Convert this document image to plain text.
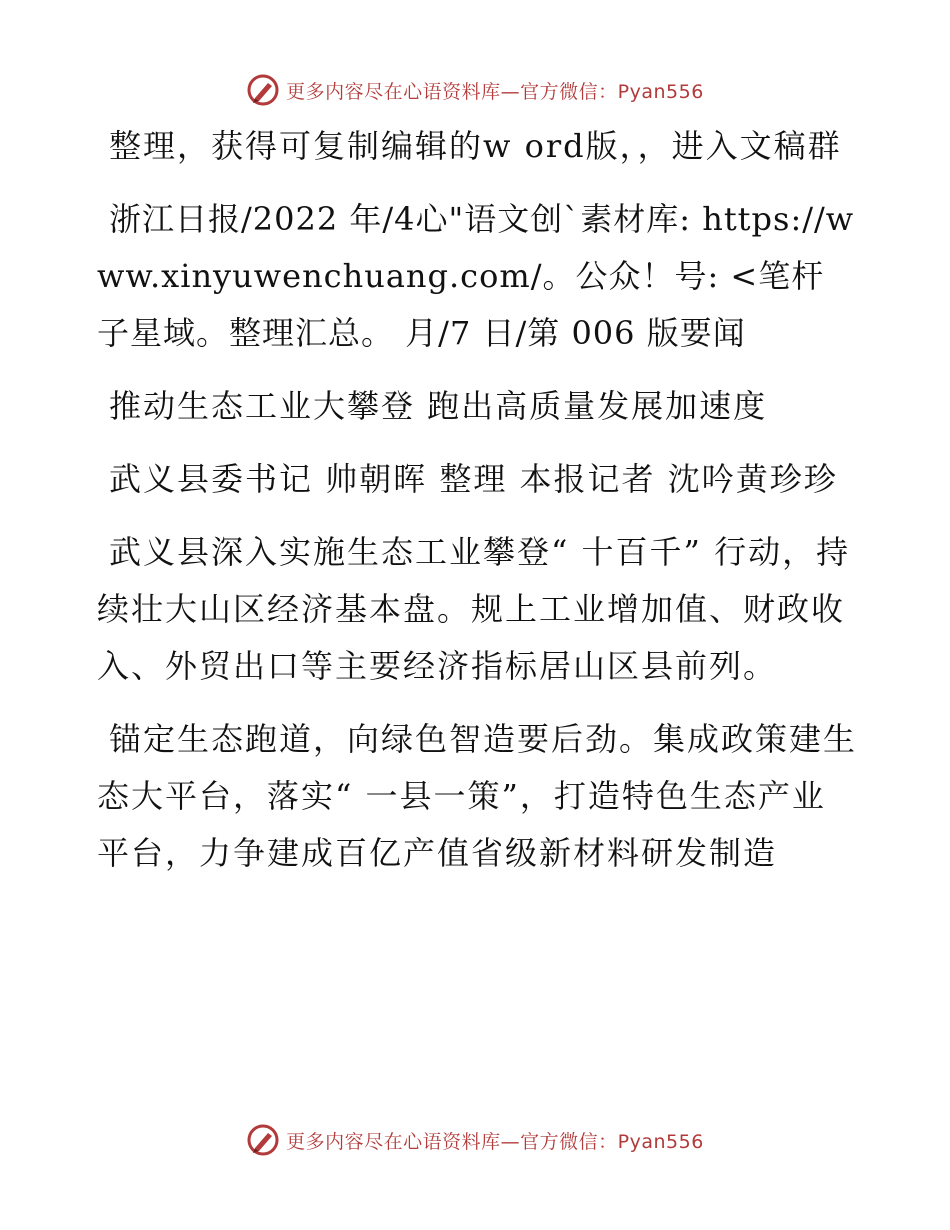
更多内容尽在心语资料库—官方微信：Pyan556

整理，获得可复制编辑的w ord版，，进入文稿群

浙江日报/2022 年/4心"语文创`素材库: https://www.xinyuwenchuang.com/。公众！号: <笔杆子星域。整理汇总。 月/7 日/第 006 版要闻

推动生态工业大攀登 跑出高质量发展加速度

武义县委书记 帅朝晖 整理 本报记者 沈吟黄珍珍

武义县深入实施生态工业攀登“ 十百千” 行动，持续壮大山区经济基本盘。规上工业增加值、财政收入、外贸出口等主要经济指标居山区县前列。

锚定生态跑道，向绿色智造要后劲。集成政策建生态大平台，落实“ 一县一策”，打造特色生态产业平台，力争建成百亿产值省级新材料研发制造

更多内容尽在心语资料库—官方微信：Pyan556
